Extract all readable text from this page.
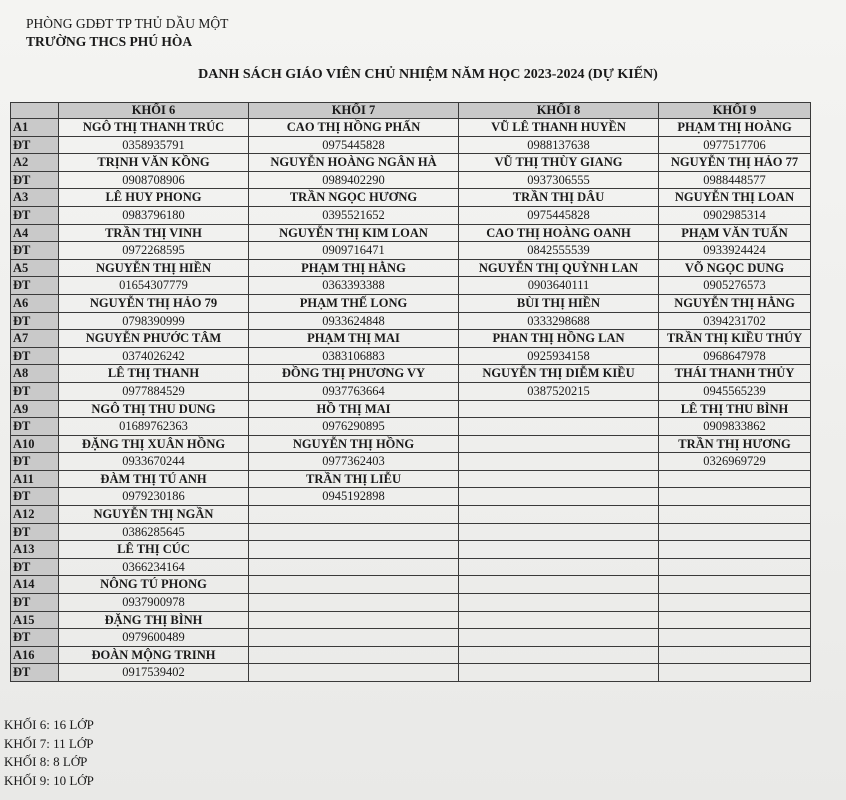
PHÒNG GDĐT TP THỦ DẦU MỘT
TRƯỜNG THCS PHÚ HÒA
DANH SÁCH GIÁO VIÊN CHỦ NHIỆM NĂM HỌC 2023-2024 (DỰ KIẾN)
	KHỐI 6	KHỐI 7	KHỐI 8	KHỐI 9
A1	NGÔ THỊ THANH TRÚC	CAO THỊ HỒNG PHẤN	VŨ LÊ THANH HUYỀN	PHẠM THỊ HOÀNG
ĐT	0358935791	0975445828	0988137638	0977517706
A2	TRỊNH VĂN KỒNG	NGUYỄN HOÀNG NGÂN HÀ	VŨ THỊ THÙY GIANG	NGUYỄN THỊ HẢO 77
ĐT	0908708906	0989402290	0937306555	0988448577
A3	LÊ HUY PHONG	TRẦN NGỌC HƯƠNG	TRẦN THỊ DÂU	NGUYỄN THỊ LOAN
ĐT	0983796180	0395521652	0975445828	0902985314
A4	TRẦN THỊ VINH	NGUYỄN THỊ KIM LOAN	CAO THỊ HOÀNG OANH	PHẠM VĂN TUẤN
ĐT	0972268595	0909716471	0842555539	0933924424
A5	NGUYỄN THỊ HIỀN	PHẠM THỊ HẰNG	NGUYỄN THỊ QUỲNH LAN	VÕ NGỌC DUNG
ĐT	01654307779	0363393388	0903640111	0905276573
A6	NGUYỄN THỊ HẢO 79	PHẠM THẾ LONG	BÙI THỊ HIỀN	NGUYỄN THỊ HẰNG
ĐT	0798390999	0933624848	0333298688	0394231702
A7	NGUYỄN PHƯỚC TÂM	PHẠM THỊ MAI	PHAN THỊ HỒNG LAN	TRẦN THỊ KIỀU THÚY
ĐT	0374026242	0383106883	0925934158	0968647978
A8	LÊ THỊ THANH	ĐỒNG THỊ PHƯƠNG VY	NGUYỄN THỊ DIỄM KIỀU	THÁI THANH THỦY
ĐT	0977884529	0937763664	0387520215	0945565239
A9	NGÔ THỊ THU DUNG	HỒ THỊ MAI		LÊ THỊ THU BÌNH
ĐT	01689762363	0976290895		0909833862
A10	ĐẶNG THỊ XUÂN HỒNG	NGUYỄN THỊ HỒNG		TRẦN THỊ HƯƠNG
ĐT	0933670244	0977362403		0326969729
A11	ĐÀM THỊ TÚ ANH	TRẦN THỊ LIỄU		
ĐT	0979230186	0945192898		
A12	NGUYỄN THỊ NGẦN			
ĐT	0386285645			
A13	LÊ THỊ CÚC			
ĐT	0366234164			
A14	NÔNG TÚ PHONG			
ĐT	0937900978			
A15	ĐẶNG THỊ BÌNH			
ĐT	0979600489			
A16	ĐOÀN MỘNG TRINH			
ĐT	0917539402			
KHỐI 6: 16 LỚP
KHỐI 7: 11 LỚP
KHỐI 8: 8 LỚP
KHỐI 9: 10 LỚP
